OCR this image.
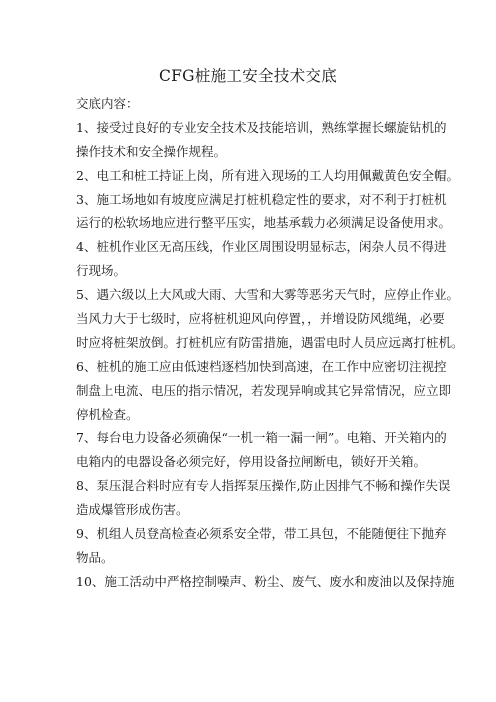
CFG桩施工安全技术交底
交底内容：
1、接受过良好的专业安全技术及技能培训，熟练掌握长螺旋钻机的
操作技术和安全操作规程。
2、电工和桩工持证上岗，所有进入现场的工人均用佩戴黄色安全帽。
3、施工场地如有坡度应满足打桩机稳定性的要求，对不利于打桩机
运行的松软场地应进行整平压实，地基承载力必须满足设备使用求。
4、桩机作业区无高压线，作业区周围设明显标志，闲杂人员不得进
行现场。
5、遇六级以上大风或大雨、大雪和大雾等恶劣天气时，应停止作业。
当风力大于七级时，应将桩机迎风向停置，，并增设防风缆绳，必要
时应将桩架放倒。打桩机应有防雷措施，遇雷电时人员应远离打桩机。
6、桩机的施工应由低速档逐档加快到高速，在工作中应密切注视控
制盘上电流、电压的指示情况，若发现异响或其它异常情况，应立即
停机检查。
7、每台电力设备必须确保“一机一箱一漏一闸”。电箱、开关箱内的
电箱内的电器设备必须完好，停用设备拉闸断电，锁好开关箱。
8、泵压混合料时应有专人指挥泵压操作,防止因排气不畅和操作失误
造成爆管形成伤害。
9、机组人员登高检查必须系安全带，带工具包，不能随便往下抛弃
物品。
10、施工活动中严格控制噪声、粉尘、废气、废水和废油以及保持施
